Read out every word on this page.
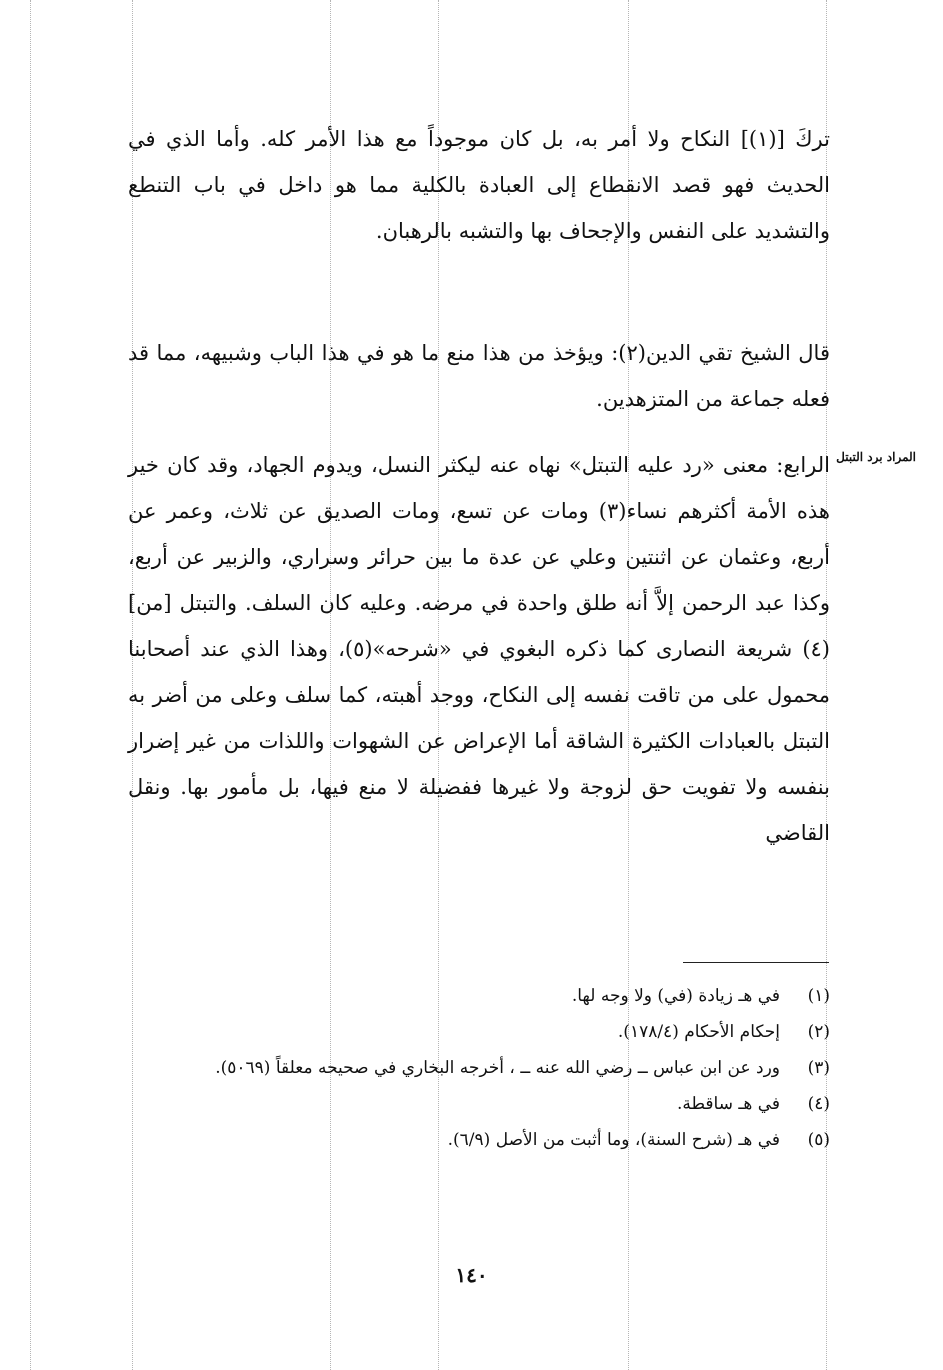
تركَ [(١)] النكاح ولا أمر به، بل كان موجوداً مع هذا الأمر كله. وأما الذي في الحديث فهو قصد الانقطاع إلى العبادة بالكلية مما هو داخل في باب التنطع والتشديد على النفس والإجحاف بها والتشبه بالرهبان.

قال الشيخ تقي الدين(٢): ويؤخذ من هذا منع ما هو في هذا الباب وشبيهه، مما قد فعله جماعة من المتزهدين.

الرابع: معنى «رد عليه التبتل» نهاه عنه ليكثر النسل، ويدوم الجهاد، وقد كان خير هذه الأمة أكثرهم نساء(٣) ومات عن تسع، ومات الصديق عن ثلاث، وعمر عن أربع، وعثمان عن اثنتين وعلي عن عدة ما بين حرائر وسراري، والزبير عن أربع، وكذا عبد الرحمن إلاَّ أنه طلق واحدة في مرضه. وعليه كان السلف. والتبتل [من](٤) شريعة النصارى كما ذكره البغوي في «شرحه»(٥)، وهذا الذي عند أصحابنا محمول على من تاقت نفسه إلى النكاح، ووجد أهبته، كما سلف وعلى من أضر به التبتل بالعبادات الكثيرة الشاقة أما الإعراض عن الشهوات واللذات من غير إضرار بنفسه ولا تفويت حق لزوجة ولا غيرها ففضيلة لا منع فيها، بل مأمور بها. ونقل القاضي

المراد برد التبتل
(١)
في هـ زيادة (في) ولا وجه لها.
(٢)
إحكام الأحكام (١٧٨/٤).
(٣)
ورد عن ابن عباس ــ رضي الله عنه ــ ، أخرجه البخاري في صحيحه معلقاً (٥٠٦٩).
(٤)
في هـ ساقطة.
(٥)
في هـ (شرح السنة)، وما أثبت من الأصل (٦/٩).
١٤٠
